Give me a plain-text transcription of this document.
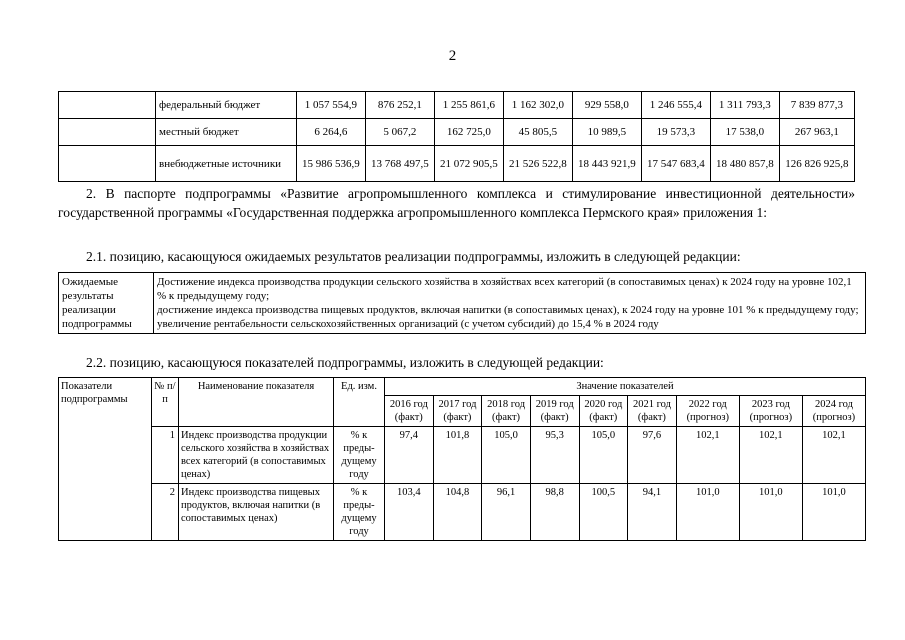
2
	федеральный бюджет	1 057 554,9	876 252,1	1 255 861,6	1 162 302,0	929 558,0	1 246 555,4	1 311 793,3	7 839 877,3
	местный бюджет	6 264,6	5 067,2	162 725,0	45 805,5	10 989,5	19 573,3	17 538,0	267 963,1
	внебюджетные источники	15 986 536,9	13 768 497,5	21 072 905,5	21 526 522,8	18 443 921,9	17 547 683,4	18 480 857,8	126 826 925,8
2. В паспорте подпрограммы «Развитие агропромышленного комплекса и стимулирование инвестиционной деятельности» государственной программы «Государственная поддержка агропромышленного комплекса Пермского края» приложения 1:
2.1. позицию, касающуюся ожидаемых результатов реализации подпрограммы, изложить в следующей редакции:
Ожидаемые результаты реализации подпрограммы	
Достижение индекса производства продукции сельского хозяйства в хозяйствах всех категорий (в сопоставимых ценах) к 2024 году на уровне 102,1 % к предыдущему году;
достижение индекса производства пищевых продуктов, включая напитки (в сопоставимых ценах), к 2024 году на уровне 101 % к предыдущему году;
увеличение рентабельности сельскохозяйственных организаций (с учетом субсидий) до 15,4 % в 2024 году
2.2. позицию, касающуюся показателей подпрограммы, изложить в следующей редакции:
Показатели подпрограммы	№ п/п	Наименование показателя	Ед. изм.	Значение показателей								
				2016 год (факт)	2017 год (факт)	2018 год (факт)	2019 год (факт)	2020 год (факт)	2021 год (факт)	2022 год (прогноз)	2023 год (прогноз)	2024 год (прогноз)
	1	Индекс производства продукции сельского хозяйства в хозяйствах всех категорий (в сопоставимых ценах)	% к преды-дущему году	97,4	101,8	105,0	95,3	105,0	97,6	102,1	102,1	102,1
	2	Индекс производства пищевых продуктов, включая напитки (в сопоставимых ценах)	% к преды-дущему году	103,4	104,8	96,1	98,8	100,5	94,1	101,0	101,0	101,0
